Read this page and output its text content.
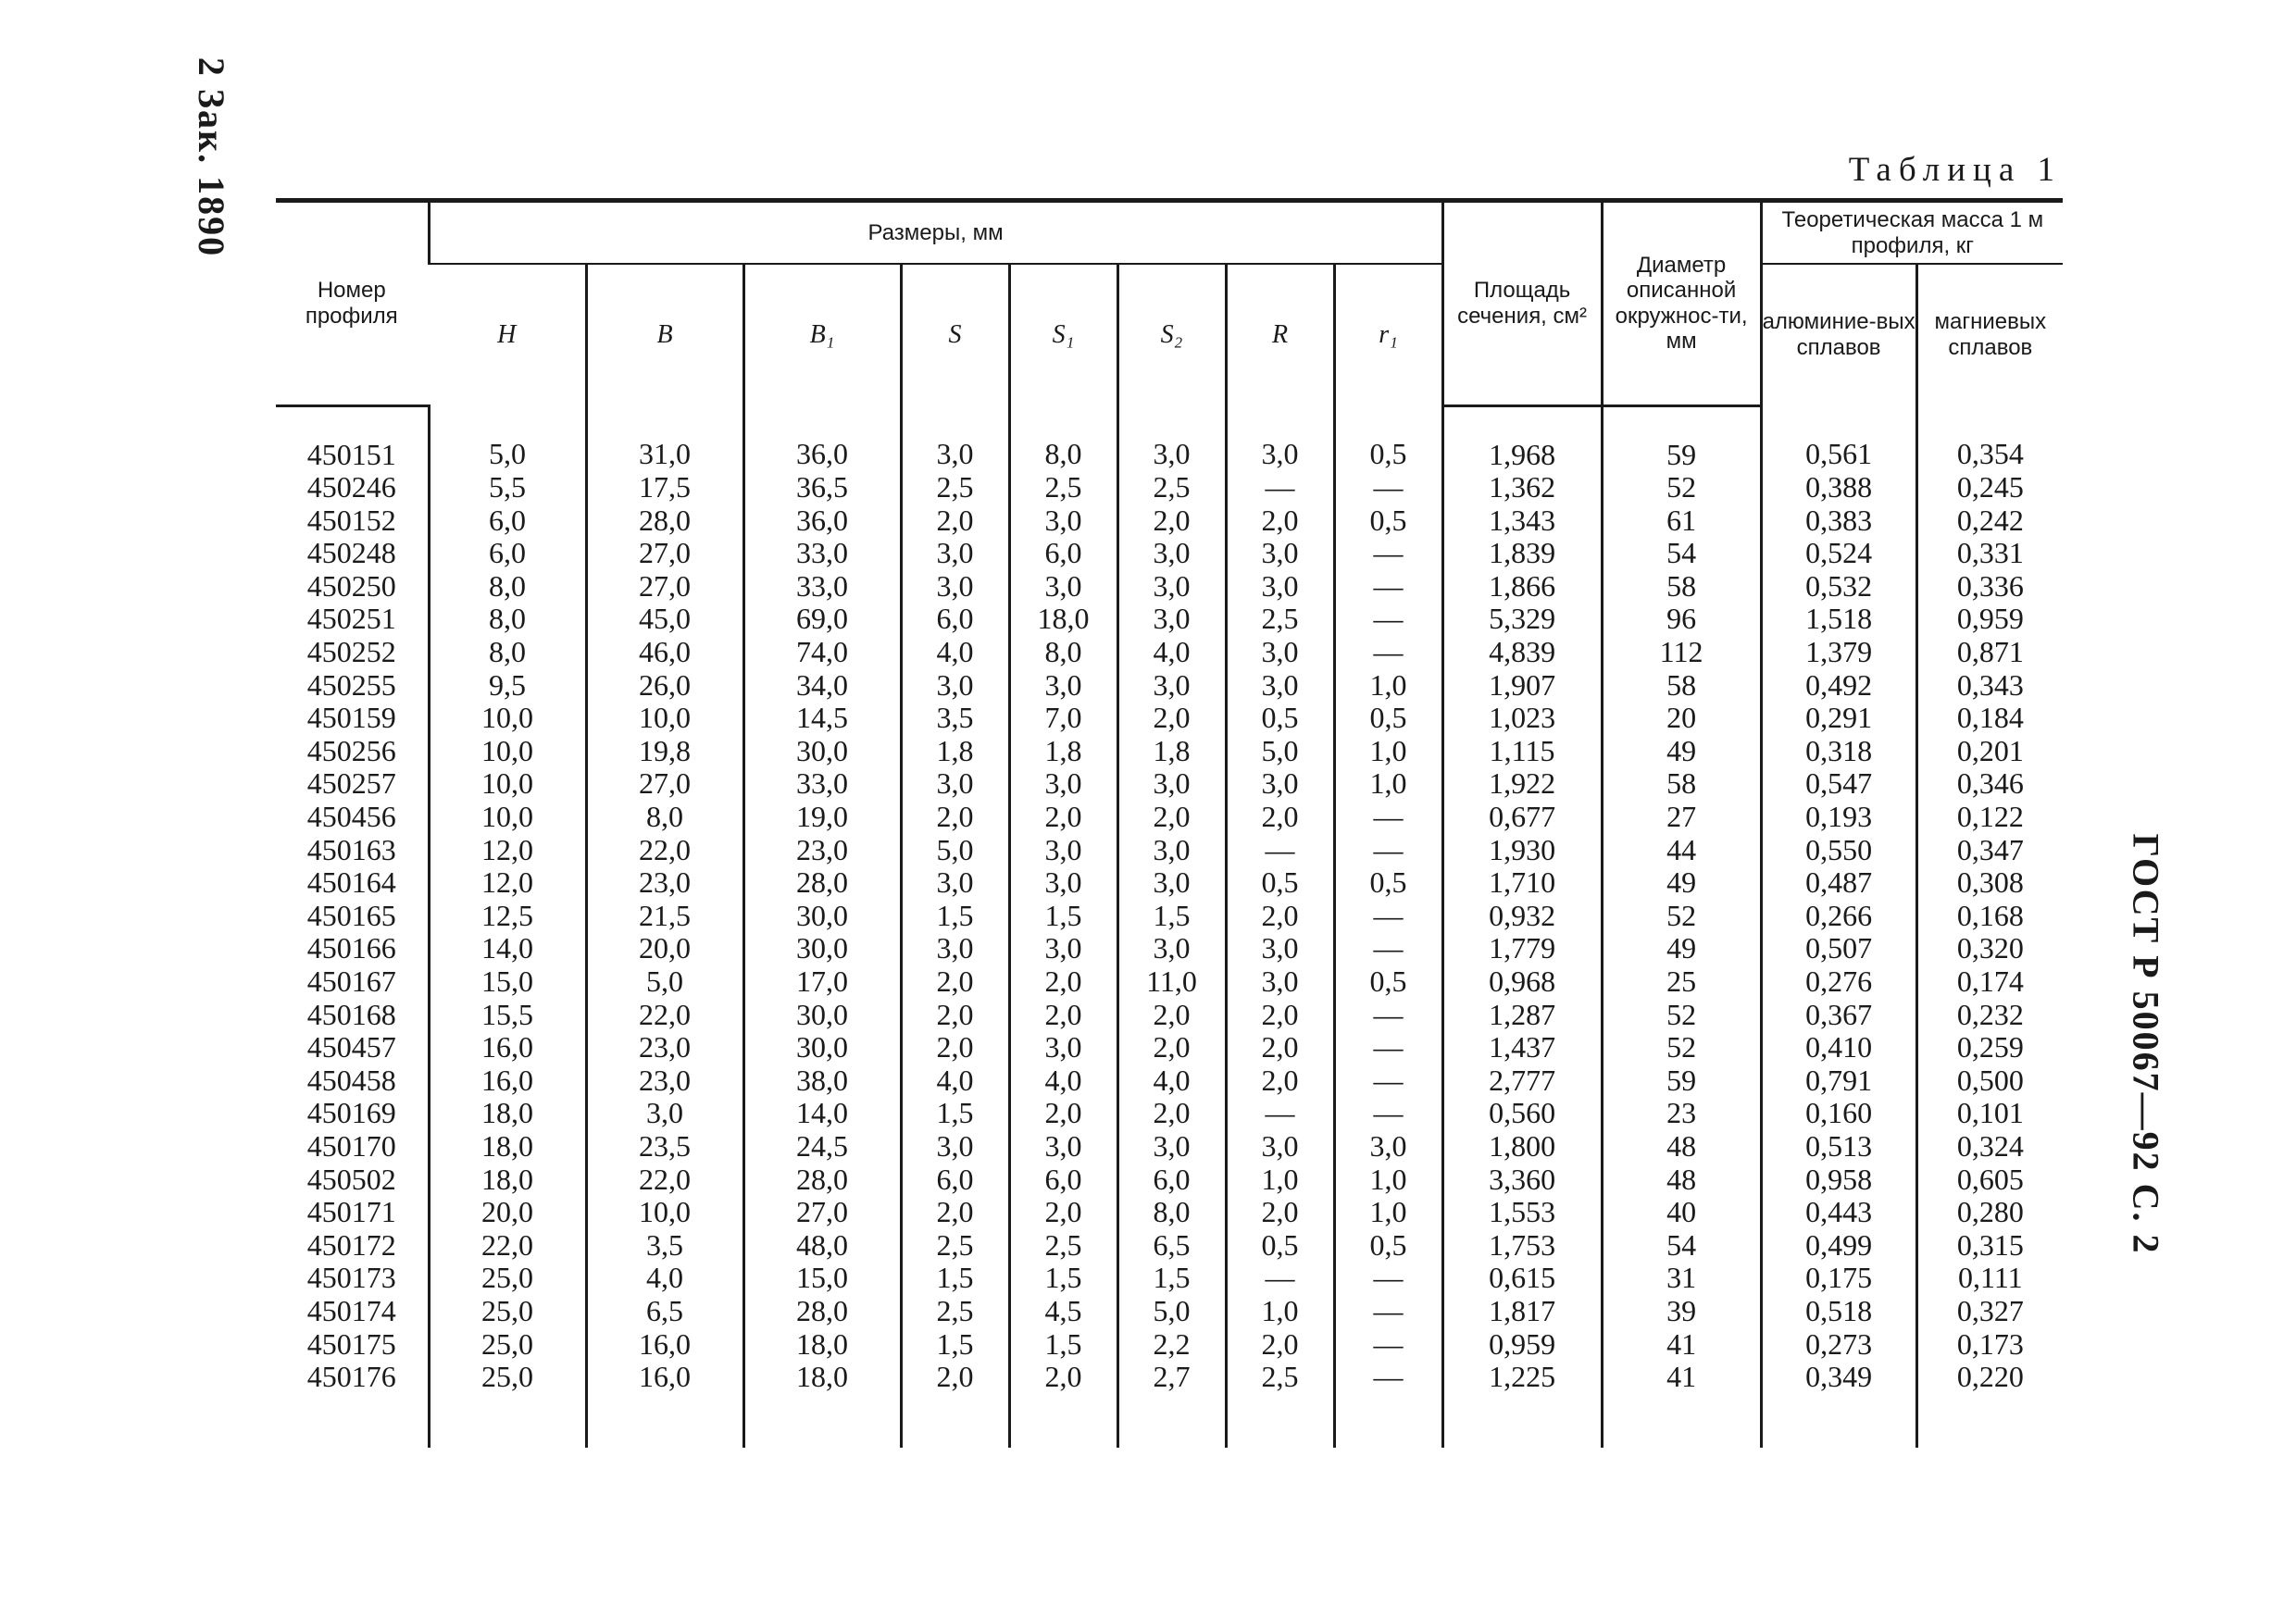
2 Зак. 1890
ГОСТ Р 50067—92 С. 2
Таблица 1
Номер профиля	Размеры, мм								Площадь сечения, см²	Диаметр описанной окружнос-ти, мм	Теоретическая масса 1 м профиля, кг	
	H	B	B₁	S	S₁	S₂	R	r₁			алюминие-вых сплавов	магниевых сплавов

450151	5,0	31,0	36,0	3,0	8,0	3,0	3,0	0,5	1,968	59	0,561	0,354
450246	5,5	17,5	36,5	2,5	2,5	2,5	—	—	1,362	52	0,388	0,245
450152	6,0	28,0	36,0	2,0	3,0	2,0	2,0	0,5	1,343	61	0,383	0,242
450248	6,0	27,0	33,0	3,0	6,0	3,0	3,0	—	1,839	54	0,524	0,331
450250	8,0	27,0	33,0	3,0	3,0	3,0	3,0	—	1,866	58	0,532	0,336
450251	8,0	45,0	69,0	6,0	18,0	3,0	2,5	—	5,329	96	1,518	0,959
450252	8,0	46,0	74,0	4,0	8,0	4,0	3,0	—	4,839	112	1,379	0,871
450255	9,5	26,0	34,0	3,0	3,0	3,0	3,0	1,0	1,907	58	0,492	0,343
450159	10,0	10,0	14,5	3,5	7,0	2,0	0,5	0,5	1,023	20	0,291	0,184
450256	10,0	19,8	30,0	1,8	1,8	1,8	5,0	1,0	1,115	49	0,318	0,201
450257	10,0	27,0	33,0	3,0	3,0	3,0	3,0	1,0	1,922	58	0,547	0,346
450456	10,0	8,0	19,0	2,0	2,0	2,0	2,0	—	0,677	27	0,193	0,122
450163	12,0	22,0	23,0	5,0	3,0	3,0	—	—	1,930	44	0,550	0,347
450164	12,0	23,0	28,0	3,0	3,0	3,0	0,5	0,5	1,710	49	0,487	0,308
450165	12,5	21,5	30,0	1,5	1,5	1,5	2,0	—	0,932	52	0,266	0,168
450166	14,0	20,0	30,0	3,0	3,0	3,0	3,0	—	1,779	49	0,507	0,320
450167	15,0	5,0	17,0	2,0	2,0	11,0	3,0	0,5	0,968	25	0,276	0,174
450168	15,5	22,0	30,0	2,0	2,0	2,0	2,0	—	1,287	52	0,367	0,232
450457	16,0	23,0	30,0	2,0	3,0	2,0	2,0	—	1,437	52	0,410	0,259
450458	16,0	23,0	38,0	4,0	4,0	4,0	2,0	—	2,777	59	0,791	0,500
450169	18,0	3,0	14,0	1,5	2,0	2,0	—	—	0,560	23	0,160	0,101
450170	18,0	23,5	24,5	3,0	3,0	3,0	3,0	3,0	1,800	48	0,513	0,324
450502	18,0	22,0	28,0	6,0	6,0	6,0	1,0	1,0	3,360	48	0,958	0,605
450171	20,0	10,0	27,0	2,0	2,0	8,0	2,0	1,0	1,553	40	0,443	0,280
450172	22,0	3,5	48,0	2,5	2,5	6,5	0,5	0,5	1,753	54	0,499	0,315
450173	25,0	4,0	15,0	1,5	1,5	1,5	—	—	0,615	31	0,175	0,111
450174	25,0	6,5	28,0	2,5	4,5	5,0	1,0	—	1,817	39	0,518	0,327
450175	25,0	16,0	18,0	1,5	1,5	2,2	2,0	—	0,959	41	0,273	0,173
450176	25,0	16,0	18,0	2,0	2,0	2,7	2,5	—	1,225	41	0,349	0,220
